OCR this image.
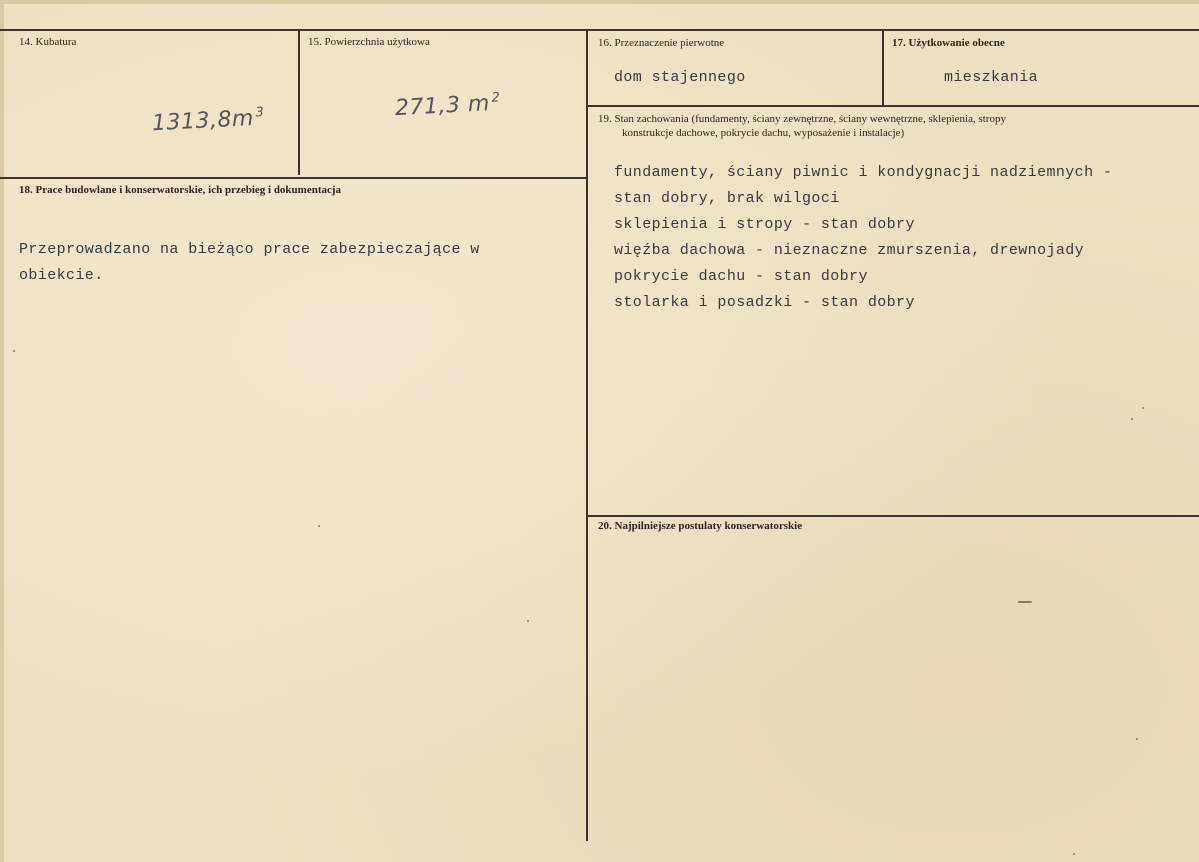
14. Kubatura
$1313,8m^3$
15. Powierzchnia użytkowa
271,3 $m^2$
16. Przeznaczenie pierwotne
dom stajennego
17. Użytkowanie obecne
mieszkania
18. Prace budowlane i konserwatorskie, ich przebieg i dokumentacja
Przeprowadzano na bieżąco prace zabezpieczające w
obiekcie.
19. Stan zachowania (fundamenty, ściany zewnętrzne, ściany wewnętrzne, sklepienia, stropy
konstrukcje dachowe, pokrycie dachu, wyposażenie i instalacje)
fundamenty, ściany piwnic i kondygnacji nadziemnych -
stan dobry, brak wilgoci
sklepienia i stropy - stan dobry
więźba dachowa - nieznaczne zmurszenia, drewnojady
pokrycie dachu - stan dobry
stolarka i posadzki - stan dobry
20. Najpilniejsze postulaty konserwatorskie
